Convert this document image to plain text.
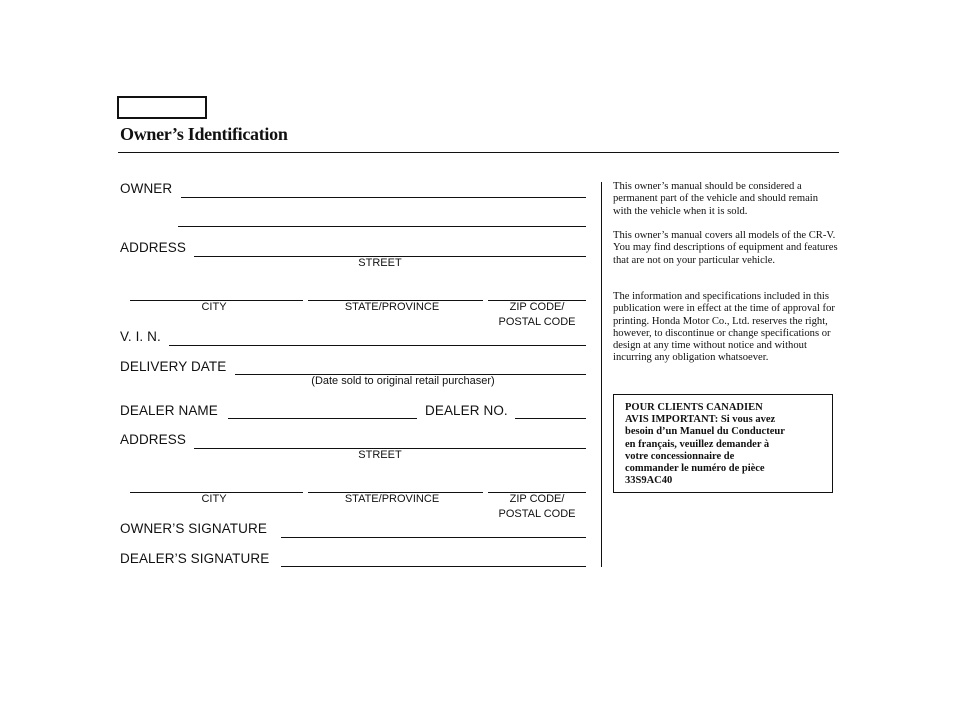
Owner’s Identification
OWNER
ADDRESS
STREET
CITY	STATE/PROVINCE	ZIP CODE/
POSTAL CODE
V. I. N.
DELIVERY DATE
(Date sold to original retail purchaser)
DEALER NAME	DEALER NO.
ADDRESS
STREET
CITY	STATE/PROVINCE	ZIP CODE/
POSTAL CODE
OWNER’S SIGNATURE
DEALER’S SIGNATURE
This owner’s manual should be considered a permanent part of the vehicle and should remain with the vehicle when it is sold.
This owner’s manual covers all models of the CR-V. You may find descriptions of equipment and features that are not on your particular vehicle.
The information and specifications included in this publication were in effect at the time of approval for printing. Honda Motor Co., Ltd. reserves the right, however, to discontinue or change specifications or design at any time without notice and without incurring any obligation whatsoever.
POUR CLIENTS CANADIEN
AVIS IMPORTANT: Si vous avez
besoin d’un Manuel du Conducteur
en français, veuillez demander à
votre concessionnaire de
commander le numéro de pièce
33S9AC40
